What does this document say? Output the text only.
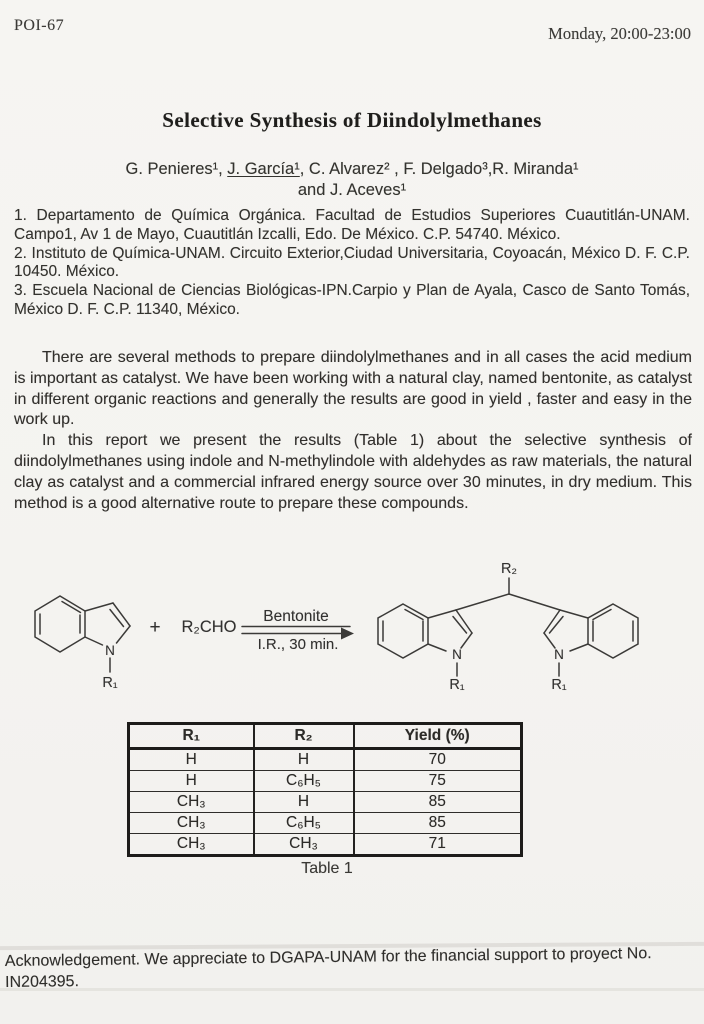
POI-67	Monday, 20:00-23:00
Selective Synthesis of Diindolylmethanes
G. Penieres¹, J. García¹, C. Alvarez² , F. Delgado³,R. Miranda¹
and J. Aceves¹
1. Departamento de Química Orgánica. Facultad de Estudios Superiores Cuautitlán-UNAM. Campo1, Av 1 de Mayo, Cuautitlán Izcalli, Edo. De México. C.P. 54740. México.
2. Instituto de Química-UNAM. Circuito Exterior,Ciudad Universitaria, Coyoacán, México D. F. C.P. 10450. México.
3. Escuela Nacional de Ciencias Biológicas-IPN.Carpio y Plan de Ayala, Casco de Santo Tomás, México D. F. C.P. 11340, México.

There are several methods to prepare diindolylmethanes and in all cases the acid medium is important as catalyst. We have been working with a natural clay, named bentonite, as catalyst in different organic reactions and generally the results are good in yield , faster and easy in the work up.

In this report we present the results (Table 1) about the selective synthesis of diindolylmethanes using indole and N-methylindole with aldehydes as raw materials, the natural clay as catalyst and a commercial infrared energy source over 30 minutes, in dry medium. This method is a good alternative route to prepare these compounds.

N
R₁
+ R₂CHO
Bentonite
I.R., 30 min.
R₂
N
R₁
N
R₁
R₁	R₂	Yield (%)
H	H	70
H	C₆H₅	75
CH₃	H	85
CH₃	C₆H₅	85
CH₃	CH₃	71
Table 1
Acknowledgement. We appreciate to DGAPA-UNAM for the financial support to proyect No. IN204395.
